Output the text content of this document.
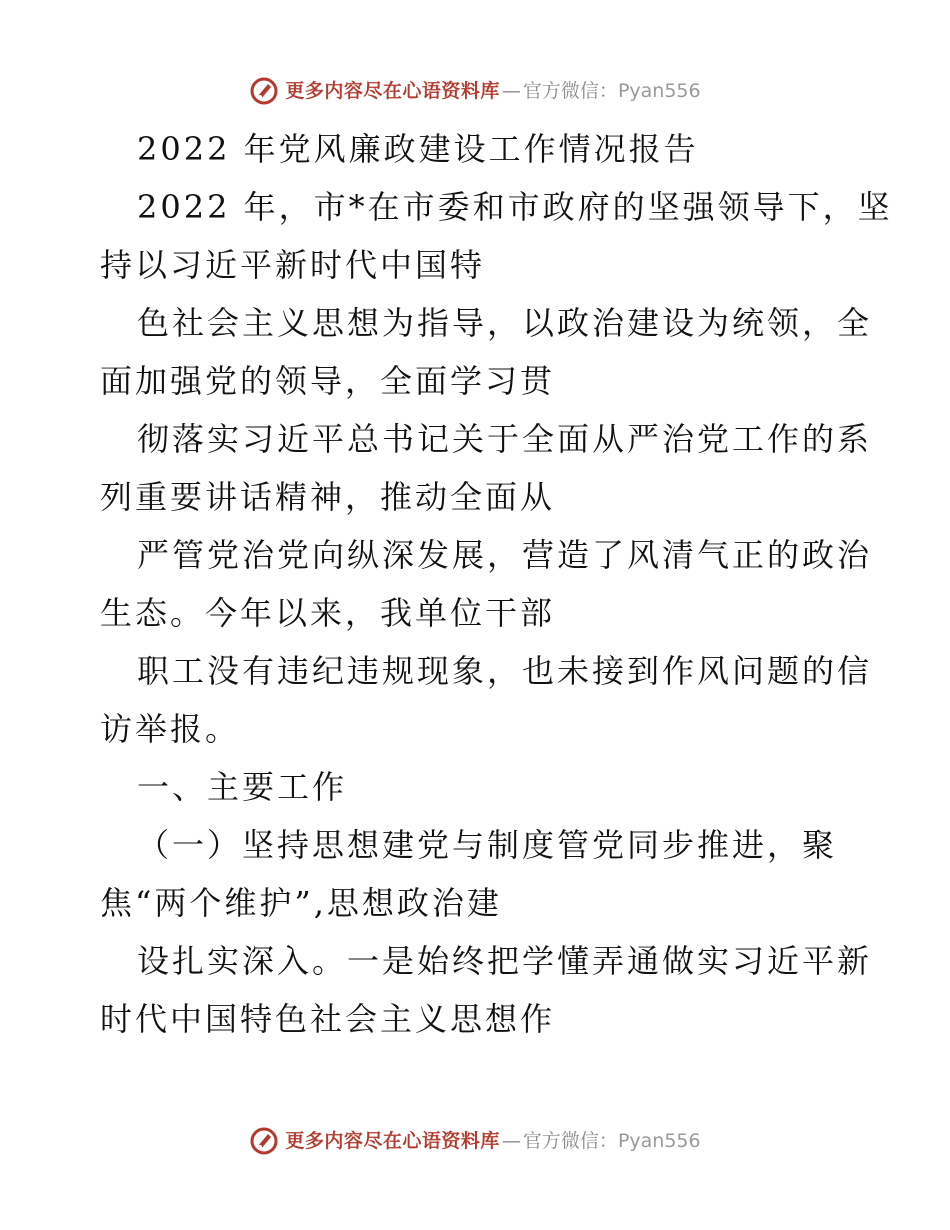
更多内容尽在心语资料库 — 官方微信： Pyan556
2022 年党风廉政建设工作情况报告
2022 年，市*在市委和市政府的坚强领导下，坚
持以习近平新时代中国特
色社会主义思想为指导，以政治建设为统领，全
面加强党的领导，全面学习贯
彻落实习近平总书记关于全面从严治党工作的系
列重要讲话精神，推动全面从
严管党治党向纵深发展，营造了风清气正的政治
生态。今年以来，我单位干部
职工没有违纪违规现象，也未接到作风问题的信
访举报。
一、主要工作
（一）坚持思想建党与制度管党同步推进，聚
焦“两个维护”,思想政治建
设扎实深入。一是始终把学懂弄通做实习近平新
时代中国特色社会主义思想作
更多内容尽在心语资料库 — 官方微信： Pyan556
